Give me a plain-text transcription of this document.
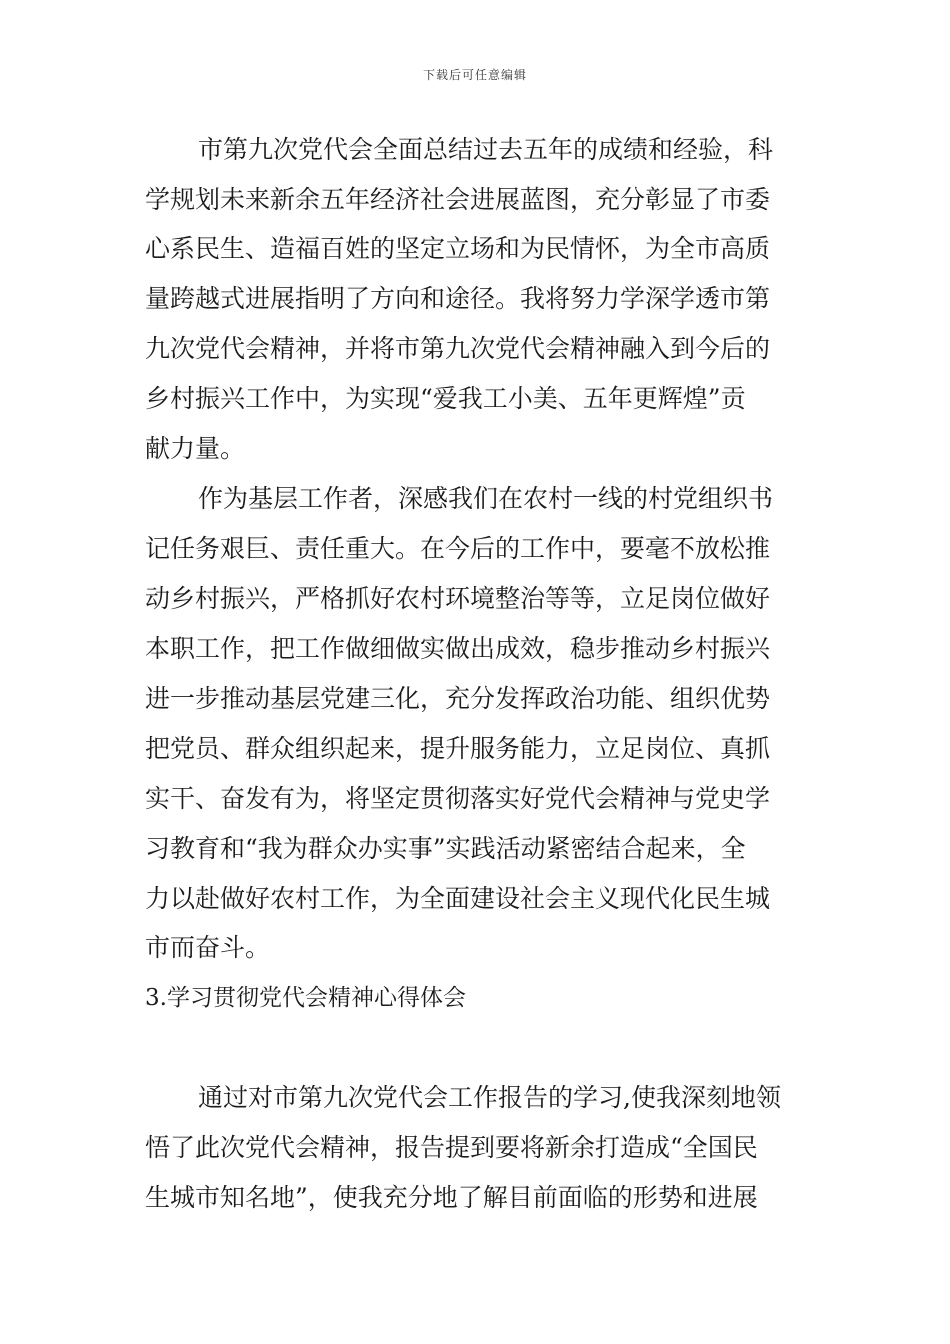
下载后可任意编辑
市第九次党代会全面总结过去五年的成绩和经验，科
学规划未来新余五年经济社会进展蓝图，充分彰显了市委
心系民生、造福百姓的坚定立场和为民情怀，为全市高质
量跨越式进展指明了方向和途径。我将努力学深学透市第
九次党代会精神，并将市第九次党代会精神融入到今后的
乡村振兴工作中，为实现“爱我工小美、五年更辉煌”贡
献力量。
作为基层工作者，深感我们在农村一线的村党组织书
记任务艰巨、责任重大。在今后的工作中，要毫不放松推
动乡村振兴，严格抓好农村环境整治等等，立足岗位做好
本职工作，把工作做细做实做出成效，稳步推动乡村振兴
进一步推动基层党建三化，充分发挥政治功能、组织优势
把党员、群众组织起来，提升服务能力，立足岗位、真抓
实干、奋发有为，将坚定贯彻落实好党代会精神与党史学
习教育和“我为群众办实事”实践活动紧密结合起来，全
力以赴做好农村工作，为全面建设社会主义现代化民生城
市而奋斗。
3.学习贯彻党代会精神心得体会
通过对市第九次党代会工作报告的学习,使我深刻地领
悟了此次党代会精神，报告提到要将新余打造成“全国民
生城市知名地”，使我充分地了解目前面临的形势和进展
